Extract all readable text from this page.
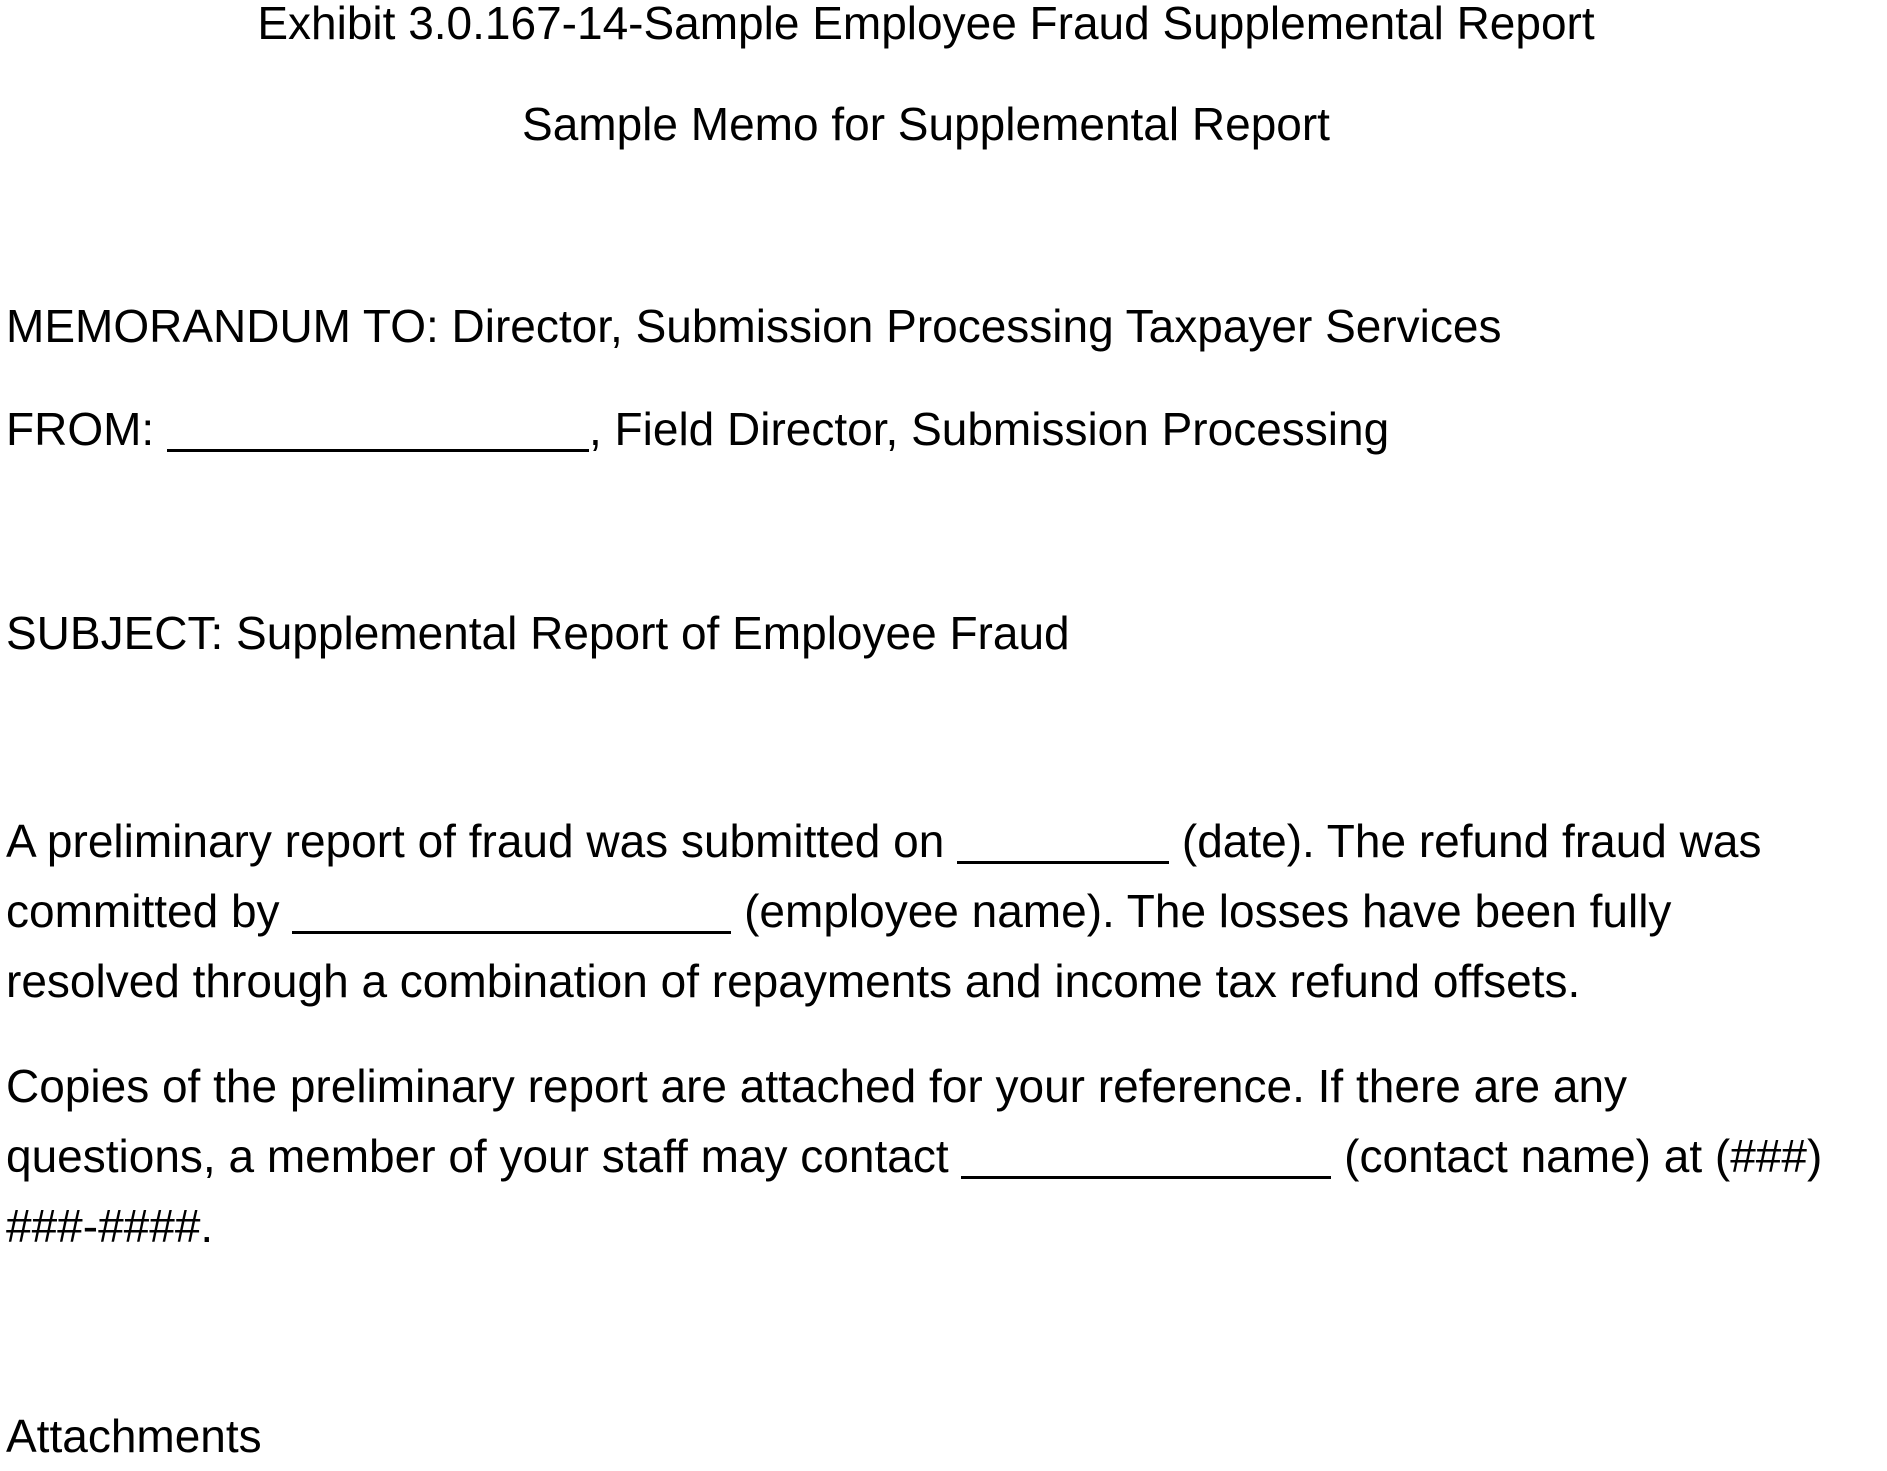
Exhibit 3.0.167-14-Sample Employee Fraud Supplemental Report
Sample Memo for Supplemental Report
MEMORANDUM TO: Director, Submission Processing Taxpayer Services
FROM:	, Field Director, Submission Processing
SUBJECT: Supplemental Report of Employee Fraud
A preliminary report of fraud was submitted on	(date). The refund fraud was committed by	(employee name). The losses have been fully resolved through a combination of repayments and income tax refund offsets.
Copies of the preliminary report are attached for your reference. If there are any questions, a member of your staff may contact	(contact name) at (###) ###-####.
Attachments
